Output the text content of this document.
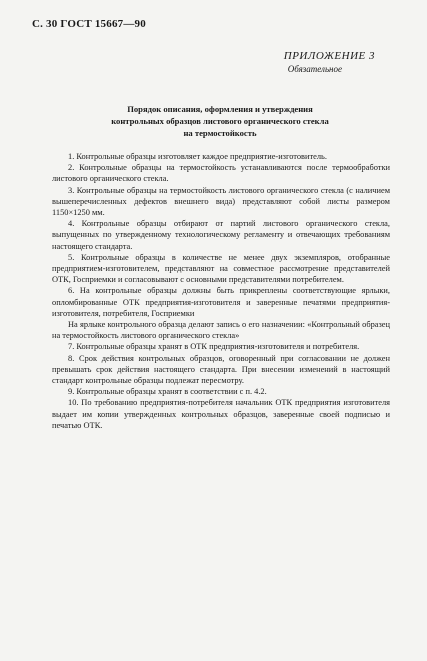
С. 30 ГОСТ 15667—90
ПРИЛОЖЕНИЕ 3
Обязательное
Порядок описания, оформления и утверждения
контрольных образцов листового органического стекла
на термостойкость

1. Контрольные образцы изготовляет каждое предприятие-изготовитель.

2. Контрольные образцы на термостойкость устанавливаются после термообработки листового органического стекла.

3. Контрольные образцы на термостойкость листового органического стекла (с наличием вышеперечисленных дефектов внешнего вида) представляют собой листы размером 1150×1250 мм.

4. Контрольные образцы отбирают от партий листового органического стекла, выпущенных по утвержденному технологическому регламенту и отвечающих требованиям настоящего стандарта.

5. Контрольные образцы в количестве не менее двух экземпляров, отобранные предприятием-изготовителем, представляют на совместное рассмотрение представителей ОТК, Госприемки и согласовывают с основными представителями потребителем.

6. На контрольные образцы должны быть прикреплены соответствующие ярлыки, опломбированные ОТК предприятия-изготовителя и заверенные печатями предприятия-изготовителя, потребителя, Госприемки

На ярлыке контрольного образца делают запись о его назначении: «Контрольный образец на термостойкость листового органического стекла»

7. Контрольные образцы хранят в ОТК предприятия-изготовителя и потребителя.

8. Срок действия контрольных образцов, оговоренный при согласовании не должен превышать срок действия настоящего стандарта. При внесении изменений в настоящий стандарт контрольные образцы подлежат пересмотру.

9. Контрольные образцы хранят в соответствии с п. 4.2.

10. По требованию предприятия-потребителя начальник ОТК предприятия изготовителя выдает им копии утвержденных контрольных образцов, заверенные своей подписью и печатью ОТК.
